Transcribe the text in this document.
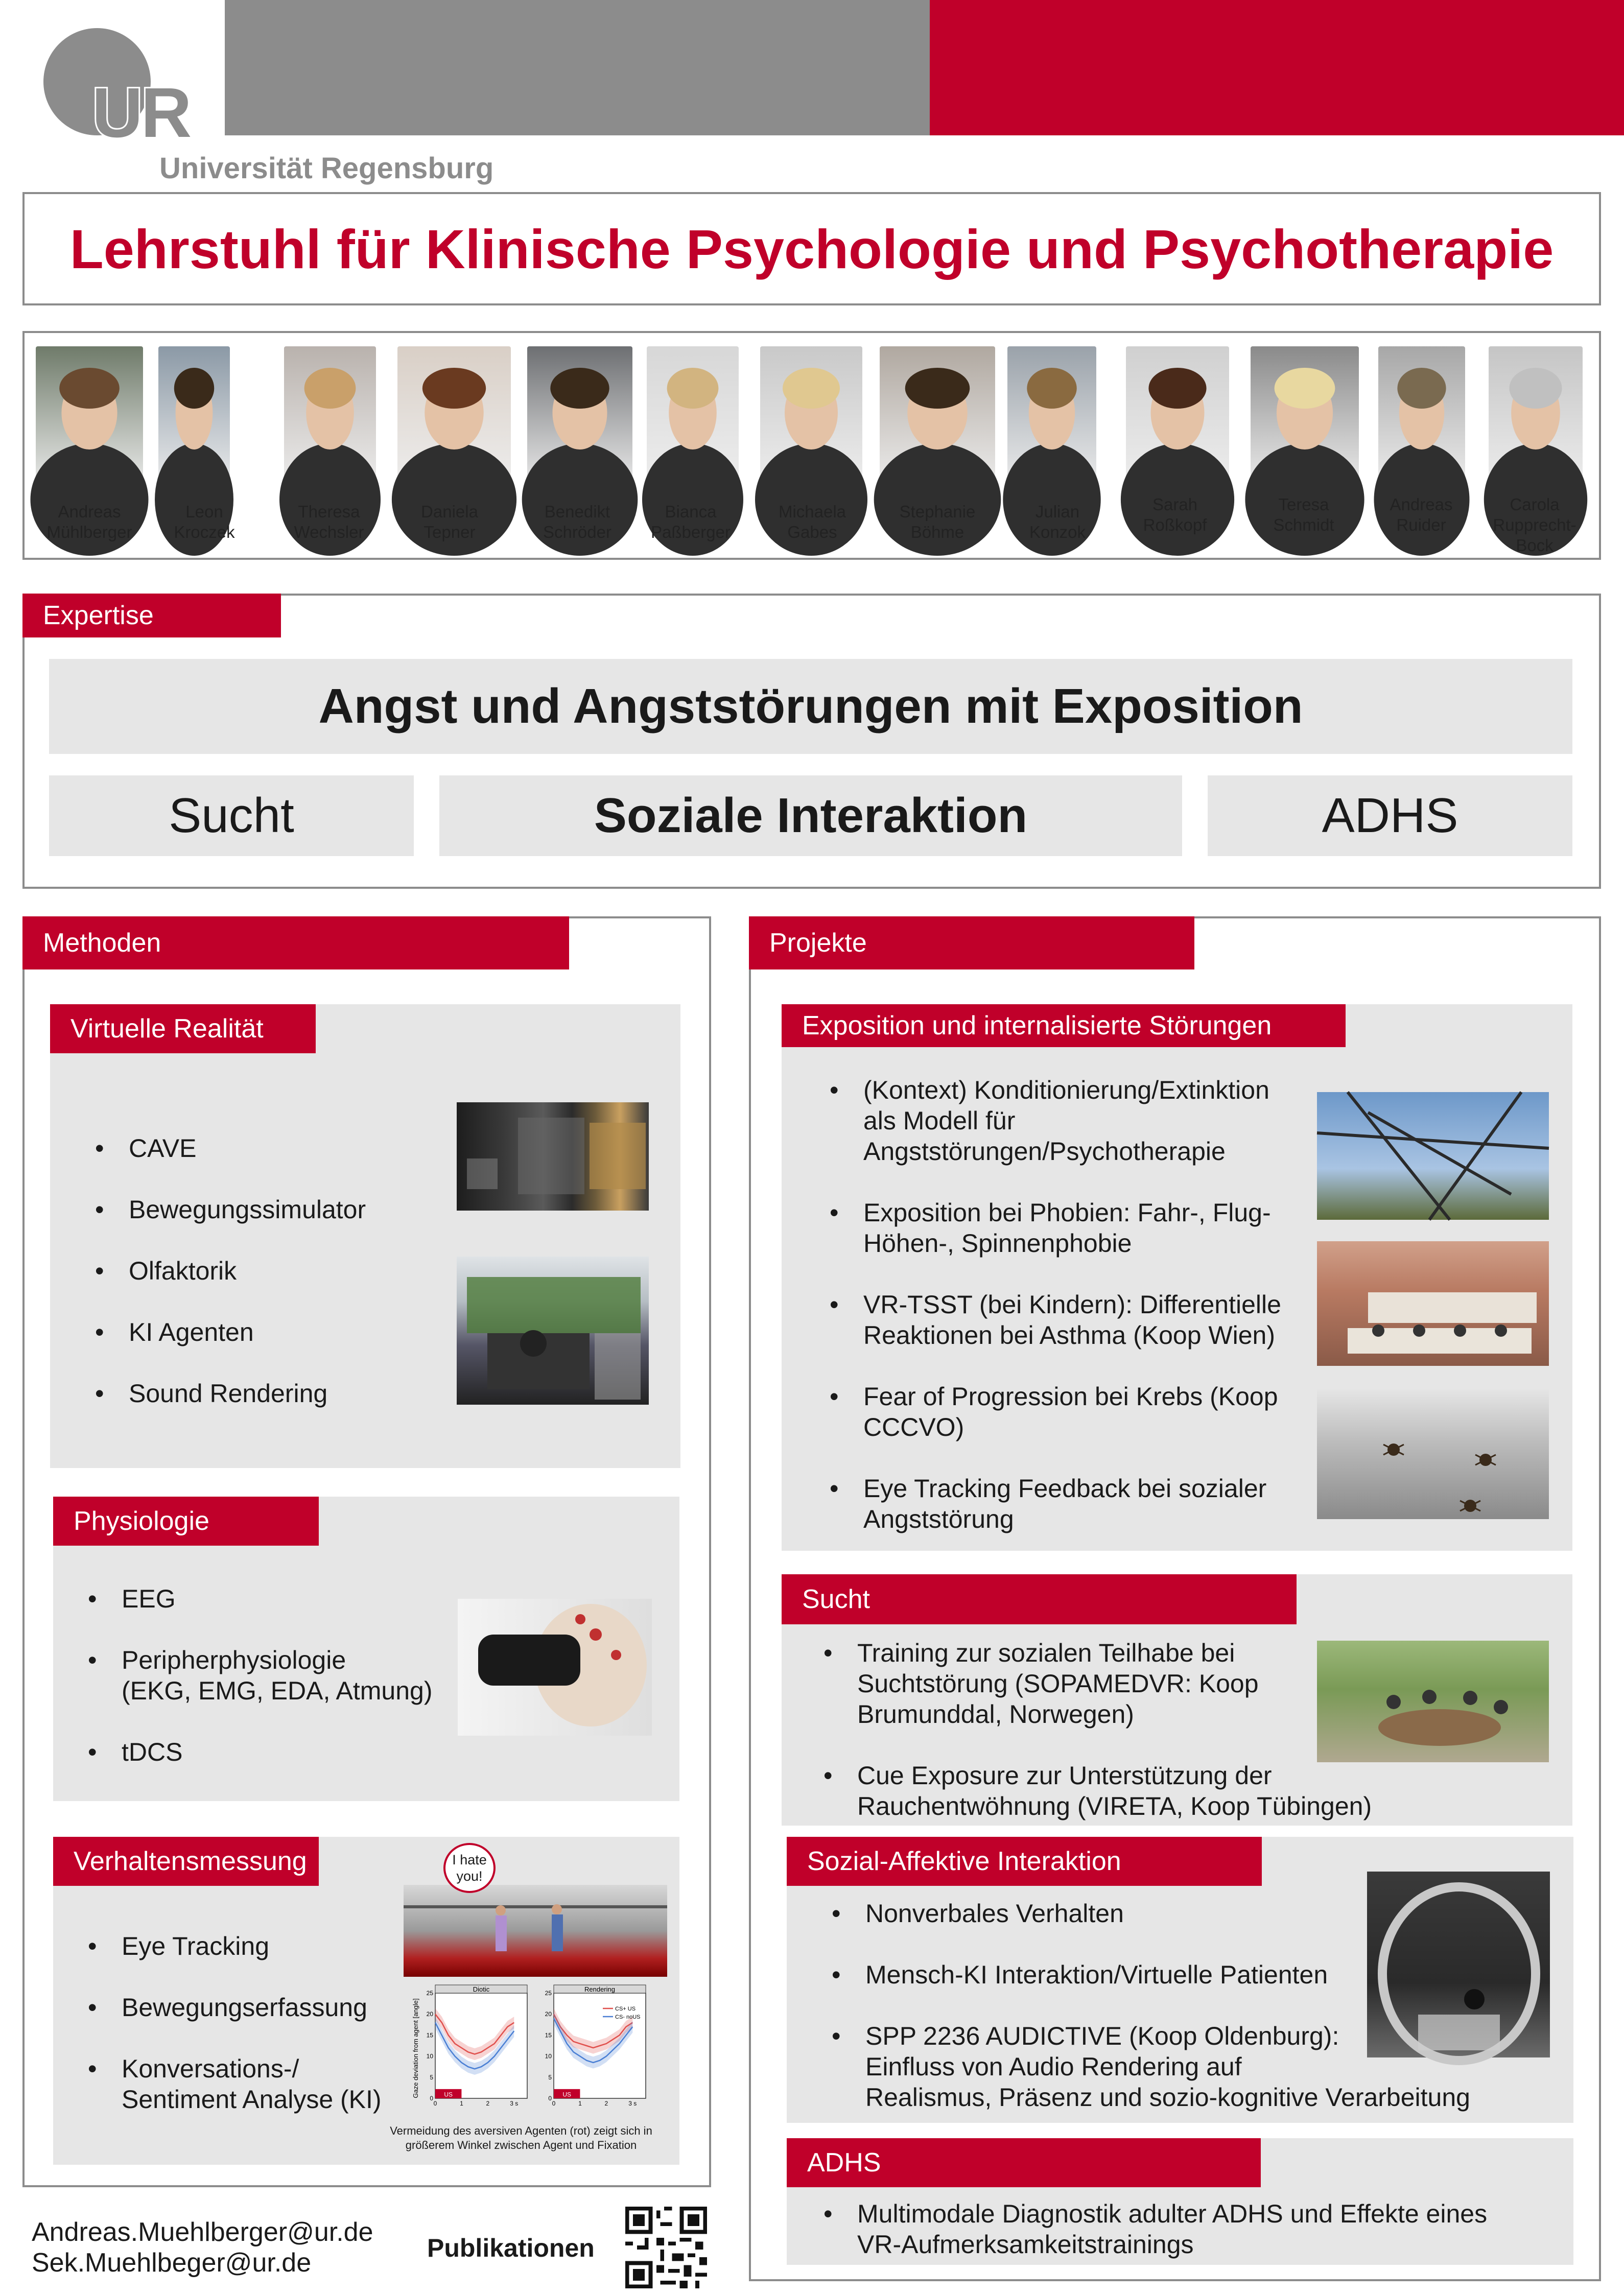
UR
Universität Regensburg
Lehrstuhl für Klinische Psychologie und Psychotherapie
Andreas
Mühlberger
Leon
Kroczek
Theresa
Wechsler
Daniela
Tepner
Benedikt
Schröder
Bianca
Paßberger
Michaela
Gabes
Stephanie
Böhme
Julian
Konzok
Sarah
Roßkopf
Teresa
Schmidt
Andreas
Ruider
Carola
Rupprecht-
Bock
Expertise
Angst und Angststörungen mit Exposition
Sucht	Soziale Interaktion	ADHS
Methoden
Virtuelle Realität
• CAVE
• Bewegungssimulator
• Olfaktorik
• KI Agenten
• Sound Rendering
Physiologie
• EEG
• Peripherphysiologie
(EKG, EMG, EDA, Atmung)
• tDCS
Verhaltensmessung
• Eye Tracking
• Bewegungserfassung
• Konversations-/
Sentiment Analyse (KI)
I hate
you!
Gaze deviation from agent [angle]
Diotic
US
0
5
10
15
20
25
0	1	2	3 s
Rendering
US
0
5
10
15
20
25
0	1	2	3 s
CS+ US
CS- noUS
Vermeidung des aversiven Agenten (rot) zeigt sich in
größerem Winkel zwischen Agent und Fixation
Projekte
Exposition und internalisierte Störungen
• (Kontext) Konditionierung/Extinktion
als Modell für
Angststörungen/Psychotherapie
• Exposition bei Phobien: Fahr-, Flug-
Höhen-, Spinnenphobie
• VR-TSST (bei Kindern): Differentielle
Reaktionen bei Asthma (Koop Wien)
• Fear of Progression bei Krebs (Koop
CCCVO)
• Eye Tracking Feedback bei sozialer
Angststörung
Sucht
• Training zur sozialen Teilhabe bei
Suchtstörung (SOPAMEDVR: Koop
Brumunddal, Norwegen)
• Cue Exposure zur Unterstützung der
Rauchentwöhnung (VIRETA, Koop Tübingen)
Sozial-Affektive Interaktion
• Nonverbales Verhalten
• Mensch-KI Interaktion/Virtuelle Patienten
• SPP 2236 AUDICTIVE (Koop Oldenburg):
Einfluss von Audio Rendering auf
Realismus, Präsenz und sozio-kognitive Verarbeitung
ADHS
• Multimodale Diagnostik adulter ADHS und Effekte eines
VR-Aufmerksamkeitstrainings
Andreas.Muehlberger@ur.de
Sek.Muehlbeger@ur.de	Publikationen
